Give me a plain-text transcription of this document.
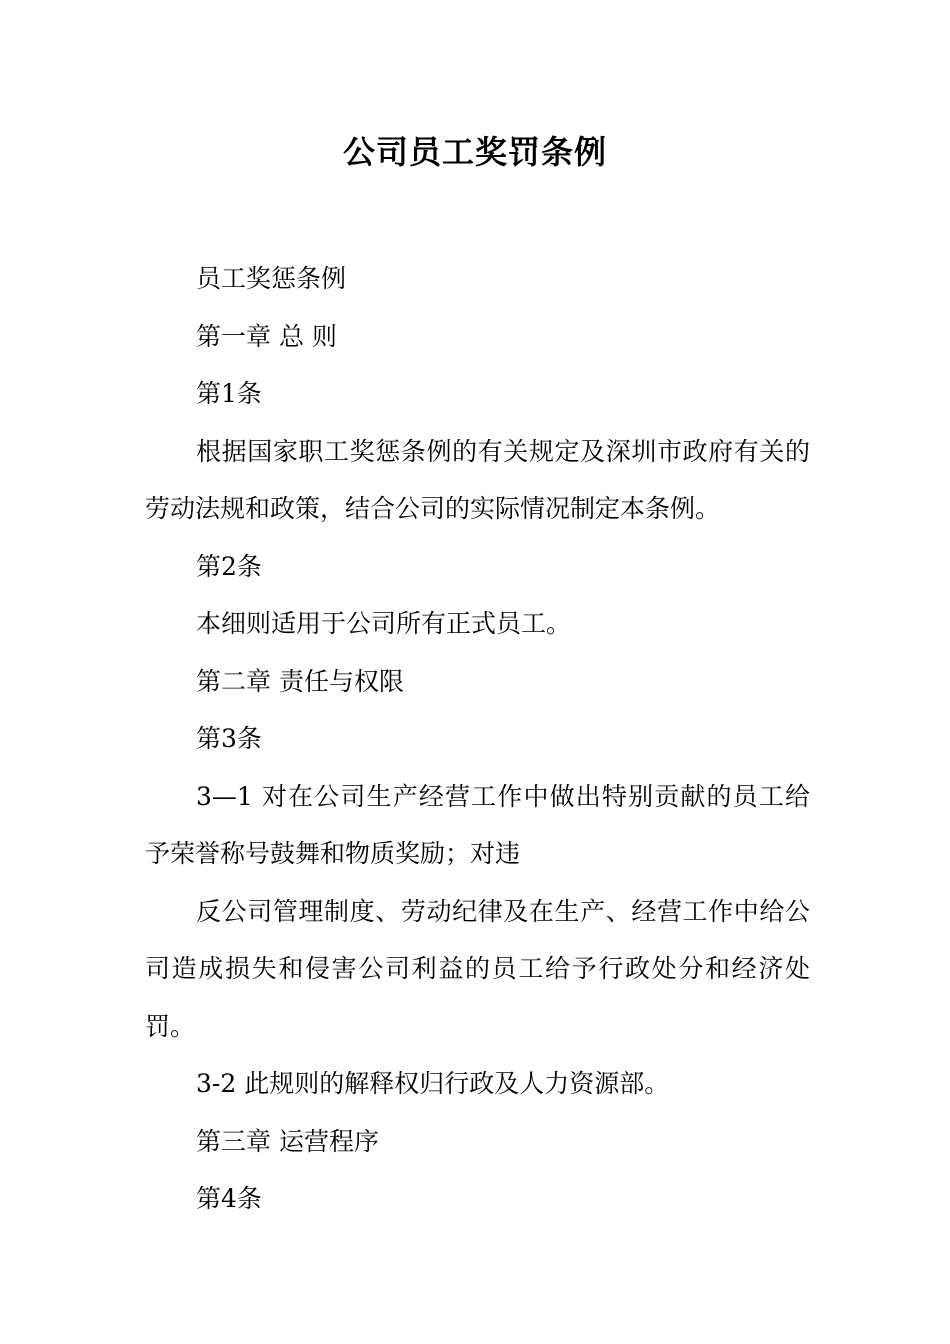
公司员工奖罚条例

员工奖惩条例

第一章 总 则

第1条

根据国家职工奖惩条例的有关规定及深圳市政府有关的劳动法规和政策，结合公司的实际情况制定本条例。

第2条

本细则适用于公司所有正式员工。

第二章 责任与权限

第3条

3—1 对在公司生产经营工作中做出特别贡献的员工给予荣誉称号鼓舞和物质奖励；对违

反公司管理制度、劳动纪律及在生产、经营工作中给公司造成损失和侵害公司利益的员工给予行政处分和经济处罚。

3-2 此规则的解释权归行政及人力资源部。

第三章 运营程序

第4条
